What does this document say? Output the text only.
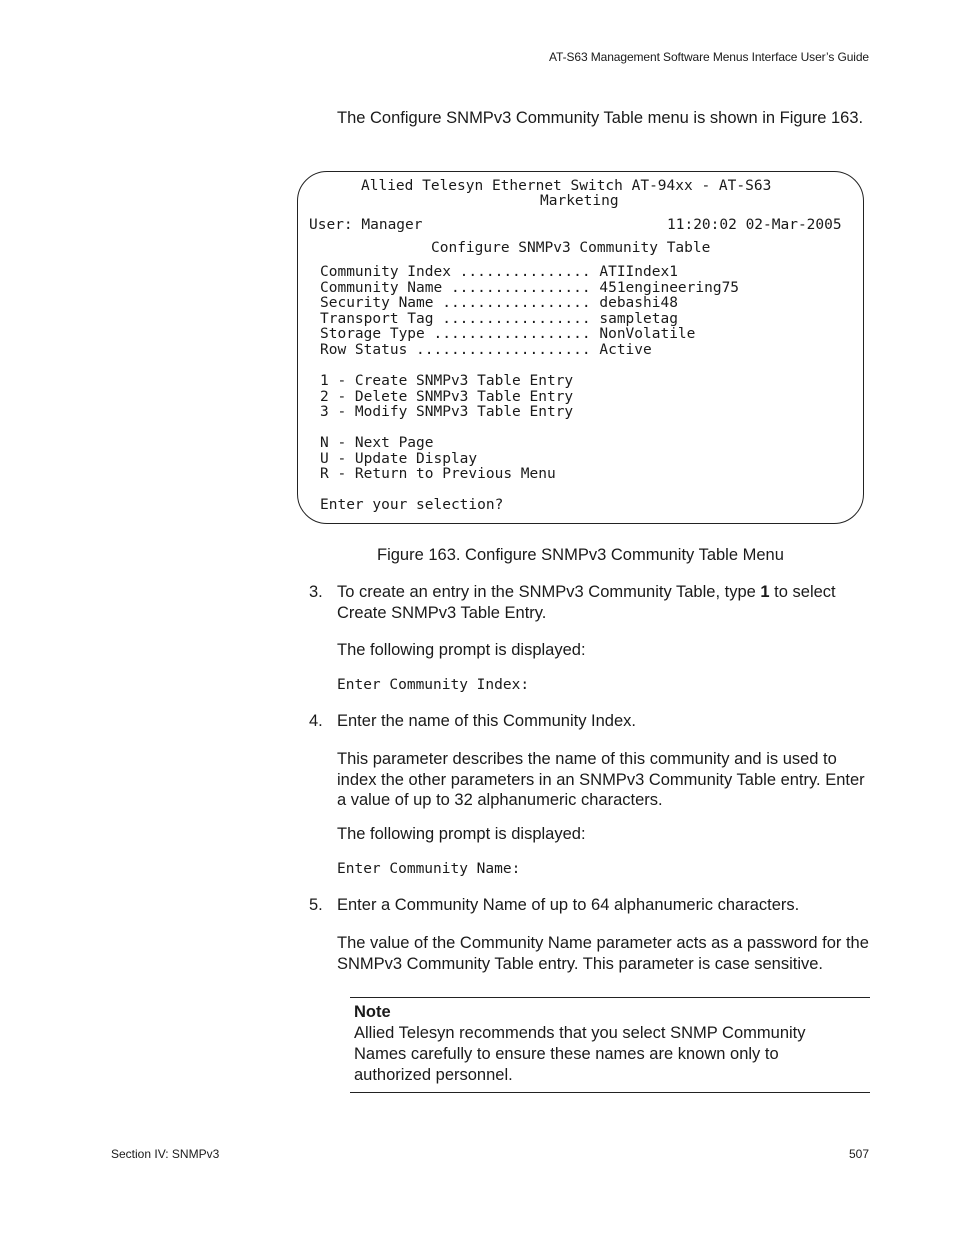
AT-S63 Management Software Menus Interface User’s Guide

The Configure SNMPv3 Community Table menu is shown in Figure 163.

Allied Telesyn Ethernet Switch AT-94xx - AT-S63
Marketing
User: Manager	11:20:02 02-Mar-2005
Configure SNMPv3 Community Table
Community Index ............... ATIIndex1
Community Name ................ 451engineering75
Security Name ................. debashi48
Transport Tag ................. sampletag
Storage Type .................. NonVolatile
Row Status .................... Active
1 - Create SNMPv3 Table Entry
2 - Delete SNMPv3 Table Entry
3 - Modify SNMPv3 Table Entry
N - Next Page
U - Update Display
R - Return to Previous Menu
Enter your selection?
Figure 163. Configure SNMPv3 Community Table Menu
3. To create an entry in the SNMPv3 Community Table, type 1 to select Create SNMPv3 Table Entry.

The following prompt is displayed:

Enter Community Index:
4. Enter the name of this Community Index.

This parameter describes the name of this community and is used to index the other parameters in an SNMPv3 Community Table entry. Enter a value of up to 32 alphanumeric characters.

The following prompt is displayed:

Enter Community Name:
5. Enter a Community Name of up to 64 alphanumeric characters.

The value of the Community Name parameter acts as a password for the SNMPv3 Community Table entry. This parameter is case sensitive.

Note
Allied Telesyn recommends that you select SNMP Community Names carefully to ensure these names are known only to authorized personnel.
Section IV: SNMPv3	507
